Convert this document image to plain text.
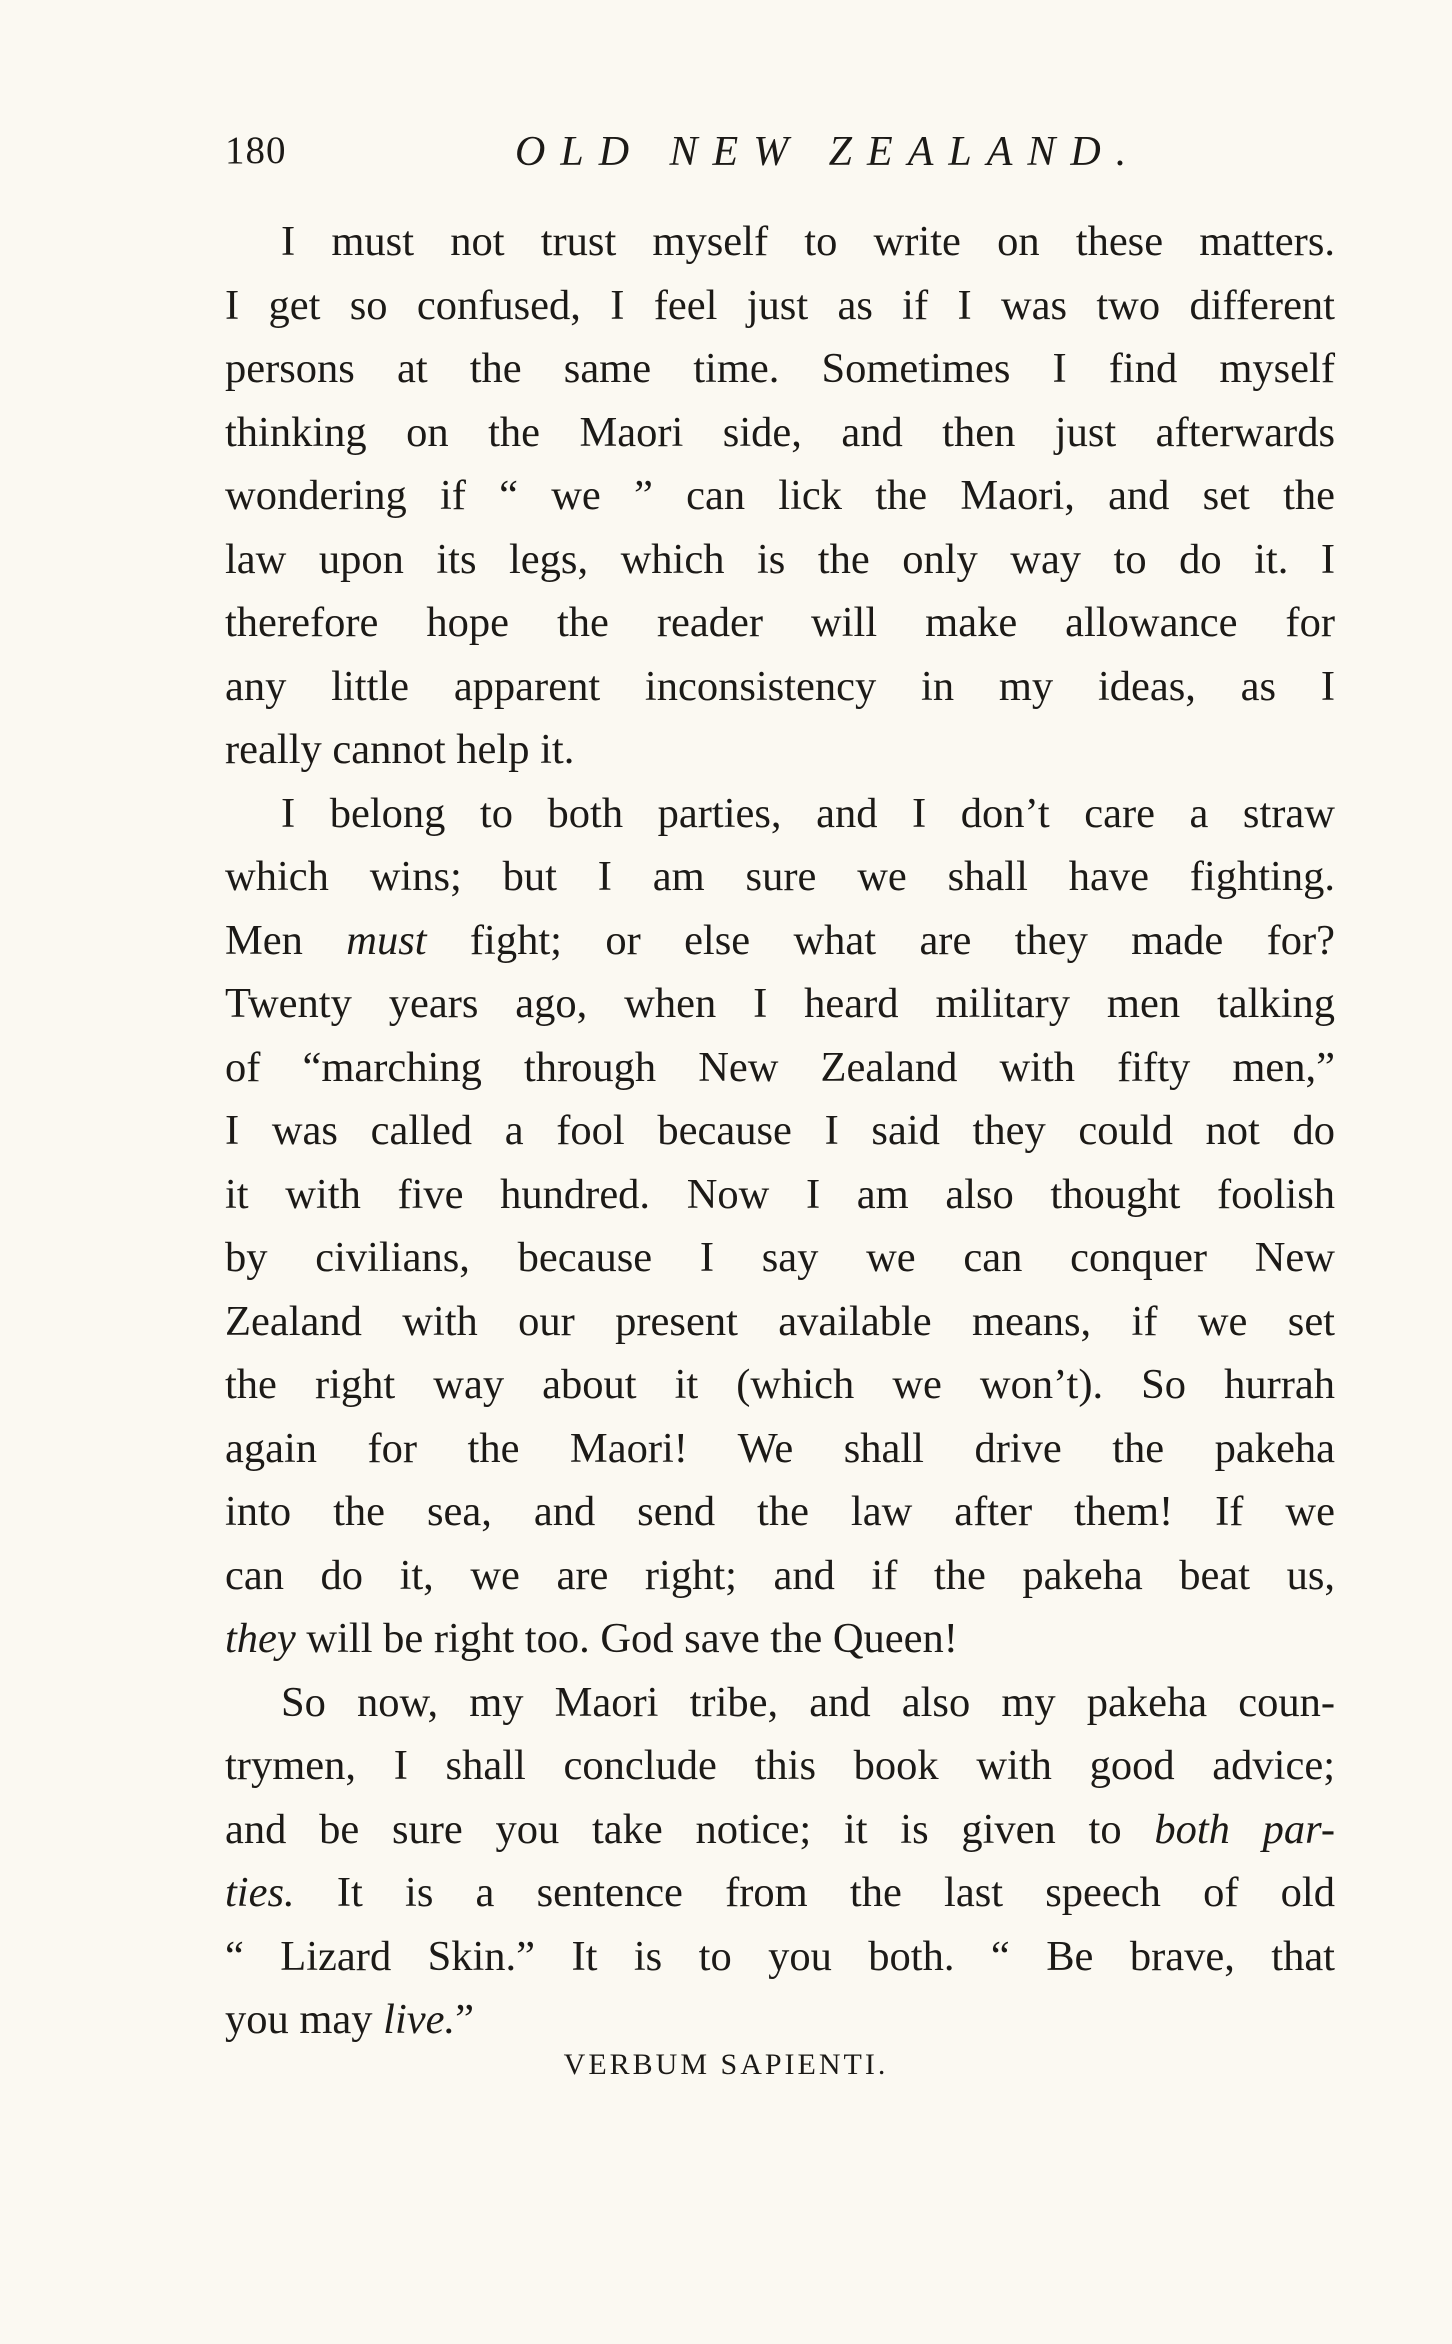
180	OLD NEW ZEALAND.
I must not trust myself to write on these matters.
I get so confused, I feel just as if I was two different
persons at the same time. Sometimes I find myself
thinking on the Maori side, and then just afterwards
wondering if “ we ” can lick the Maori, and set the
law upon its legs, which is the only way to do it. I
therefore hope the reader will make allowance for
any little apparent inconsistency in my ideas, as I
really cannot help it.
I belong to both parties, and I don’t care a straw
which wins; but I am sure we shall have fighting.
Men must fight; or else what are they made for?
Twenty years ago, when I heard military men talking
of “marching through New Zealand with fifty men,”
I was called a fool because I said they could not do
it with five hundred. Now I am also thought foolish
by civilians, because I say we can conquer New
Zealand with our present available means, if we set
the right way about it (which we won’t). So hurrah
again for the Maori! We shall drive the pakeha
into the sea, and send the law after them! If we
can do it, we are right; and if the pakeha beat us,
they will be right too. God save the Queen!
So now, my Maori tribe, and also my pakeha coun-
trymen, I shall conclude this book with good advice;
and be sure you take notice; it is given to both par-
ties. It is a sentence from the last speech of old
“ Lizard Skin.” It is to you both. “ Be brave, that
you may live.”
VERBUM SAPIENTI.
